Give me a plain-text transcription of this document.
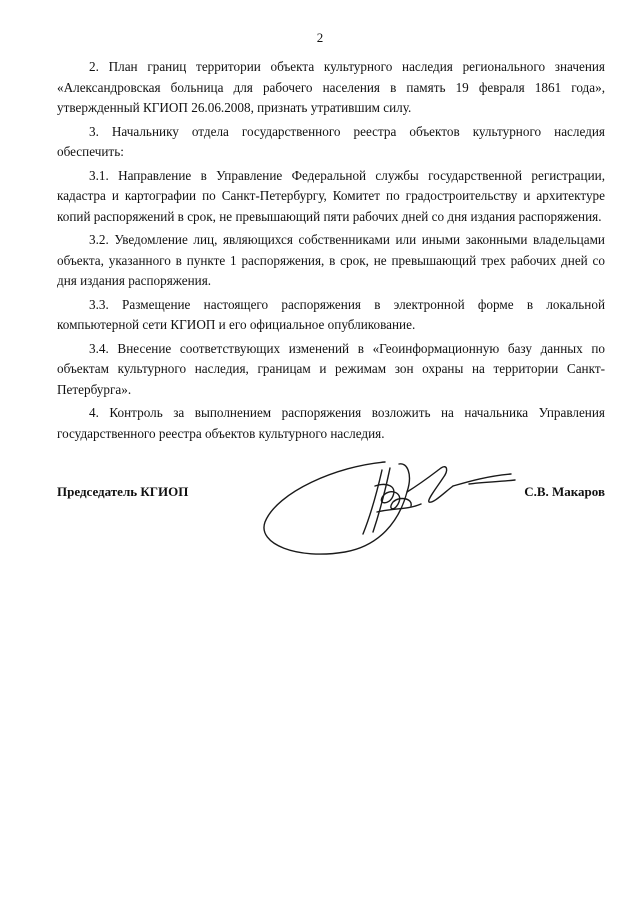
2

2. План границ территории объекта культурного наследия регионального значения «Александровская больница для рабочего населения в память 19 февраля 1861 года», утвержденный КГИОП 26.06.2008, признать утратившим силу.

3. Начальнику отдела государственного реестра объектов культурного наследия обеспечить:

3.1. Направление в Управление Федеральной службы государственной регистрации, кадастра и картографии по Санкт-Петербургу, Комитет по градостроительству и архитектуре копий распоряжений в срок, не превышающий пяти рабочих дней со дня издания распоряжения.

3.2. Уведомление лиц, являющихся собственниками или иными законными владельцами объекта, указанного в пункте 1 распоряжения, в срок, не превышающий трех рабочих дней со дня издания распоряжения.

3.3. Размещение настоящего распоряжения в электронной форме в локальной компьютерной сети КГИОП и его официальное опубликование.

3.4. Внесение соответствующих изменений в «Геоинформационную базу данных по объектам культурного наследия, границам и режимам зон охраны на территории Санкт-Петербурга».

4. Контроль за выполнением распоряжения возложить на начальника Управления государственного реестра объектов культурного наследия.

Председатель КГИОП	С.В. Макаров
